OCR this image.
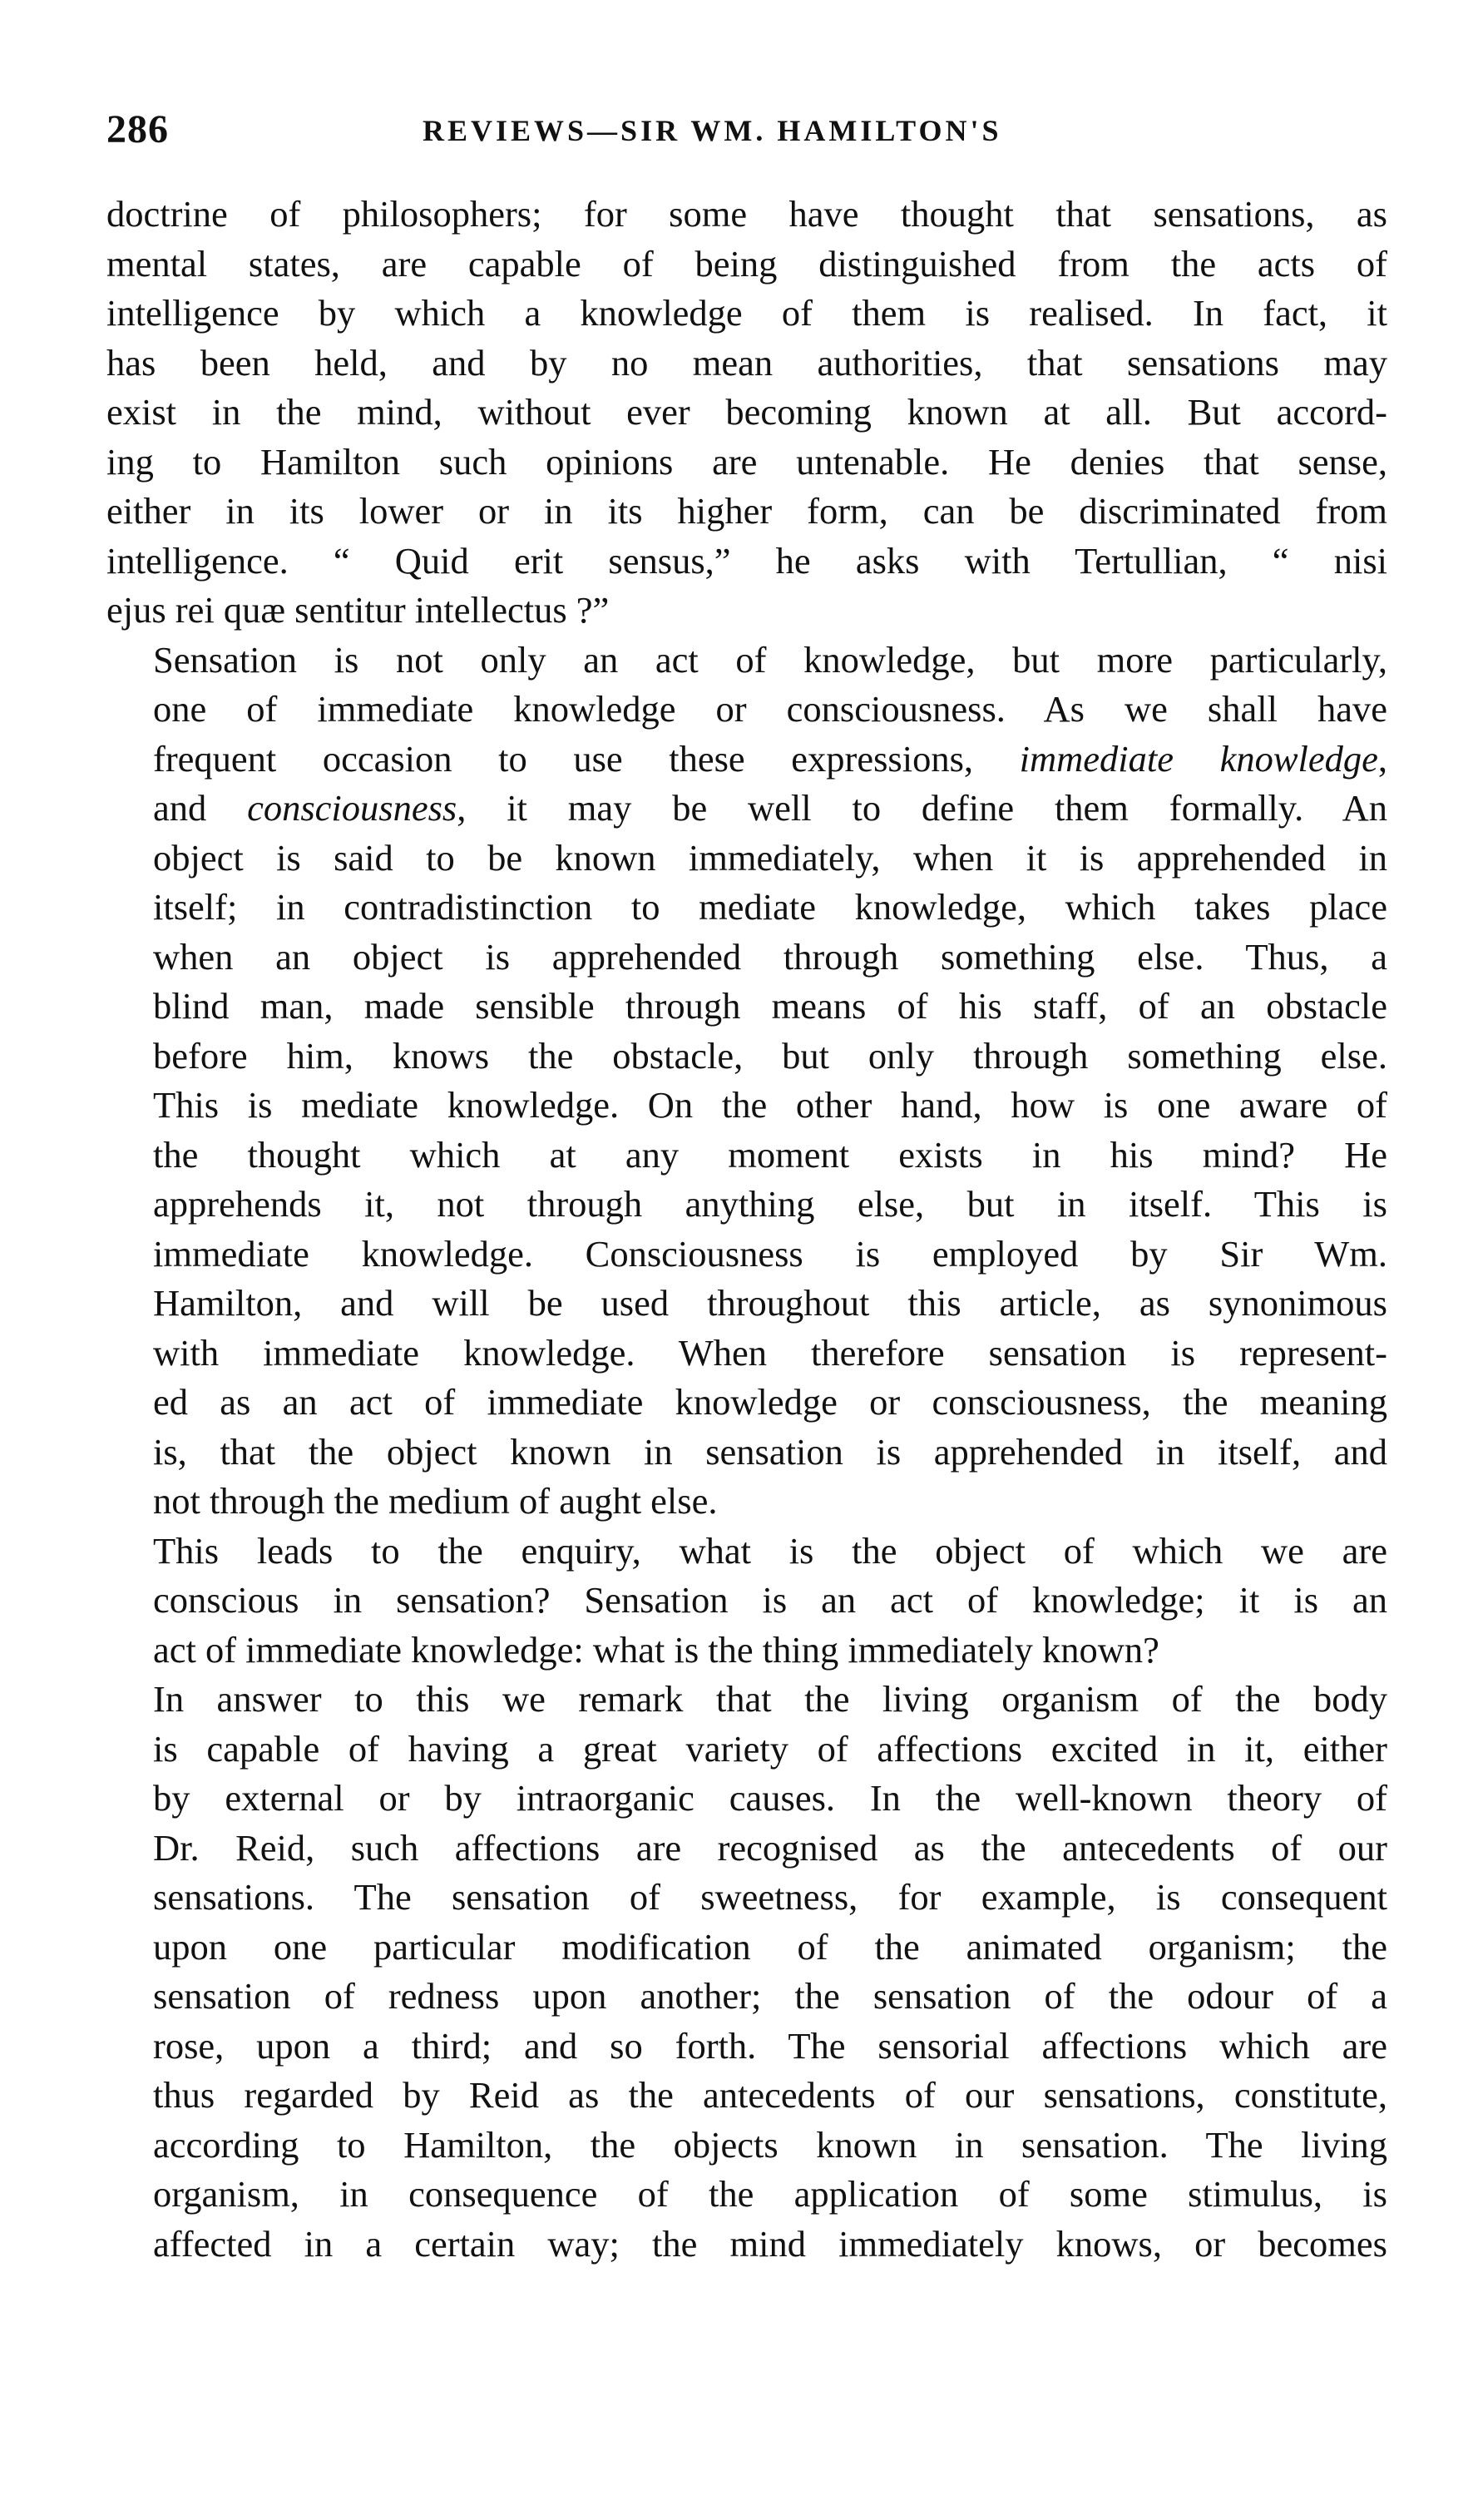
286	REVIEWS—SIR WM. HAMILTON'S
doctrine of philosophers; for some have thought that sensations, as
mental states, are capable of being distinguished from the acts of
intelligence by which a knowledge of them is realised. In fact, it
has been held, and by no mean authorities, that sensations may
exist in the mind, without ever becoming known at all. But accord-
ing to Hamilton such opinions are untenable. He denies that sense,
either in its lower or in its higher form, can be discriminated from
intelligence. “ Quid erit sensus,” he asks with Tertullian, “ nisi
ejus rei quæ sentitur intellectus ?”
Sensation is not only an act of knowledge, but more particularly,
one of immediate knowledge or consciousness. As we shall have
frequent occasion to use these expressions, immediate knowledge,
and consciousness, it may be well to define them formally. An
object is said to be known immediately, when it is apprehended in
itself; in contradistinction to mediate knowledge, which takes place
when an object is apprehended through something else. Thus, a
blind man, made sensible through means of his staff, of an obstacle
before him, knows the obstacle, but only through something else.
This is mediate knowledge. On the other hand, how is one aware of
the thought which at any moment exists in his mind? He
apprehends it, not through anything else, but in itself. This is
immediate knowledge. Consciousness is employed by Sir Wm.
Hamilton, and will be used throughout this article, as synonimous
with immediate knowledge. When therefore sensation is represent-
ed as an act of immediate knowledge or consciousness, the meaning
is, that the object known in sensation is apprehended in itself, and
not through the medium of aught else.
This leads to the enquiry, what is the object of which we are
conscious in sensation? Sensation is an act of knowledge; it is an
act of immediate knowledge: what is the thing immediately known?
In answer to this we remark that the living organism of the body
is capable of having a great variety of affections excited in it, either
by external or by intraorganic causes. In the well-known theory of
Dr. Reid, such affections are recognised as the antecedents of our
sensations. The sensation of sweetness, for example, is consequent
upon one particular modification of the animated organism; the
sensation of redness upon another; the sensation of the odour of a
rose, upon a third; and so forth. The sensorial affections which are
thus regarded by Reid as the antecedents of our sensations, constitute,
according to Hamilton, the objects known in sensation. The living
organism, in consequence of the application of some stimulus, is
affected in a certain way; the mind immediately knows, or becomes
